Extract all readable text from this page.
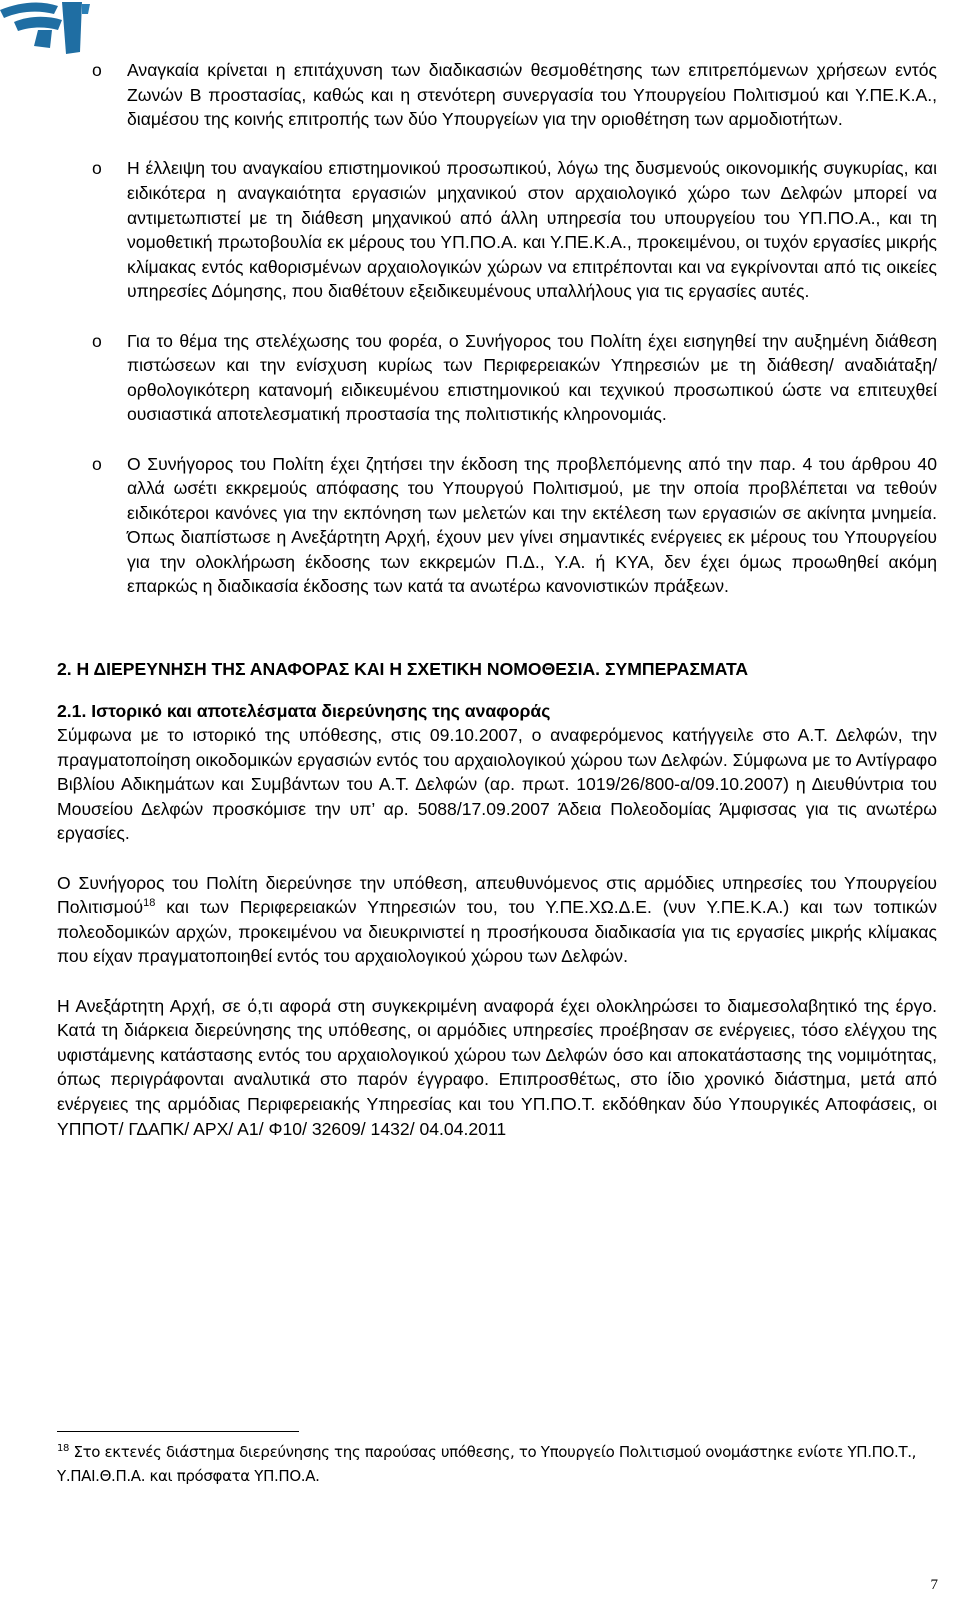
o Αναγκαία κρίνεται η επιτάχυνση των διαδικασιών θεσμοθέτησης των επιτρεπόμενων χρήσεων εντός Ζωνών Β προστασίας, καθώς και η στενότερη συνεργασία του Υπουργείου Πολιτισμού και Υ.ΠΕ.Κ.Α., διαμέσου της κοινής επιτροπής των δύο Υπουργείων για την οριοθέτηση των αρμοδιοτήτων.
o Η έλλειψη του αναγκαίου επιστημονικού προσωπικού, λόγω της δυσμενούς οικονομικής συγκυρίας, και ειδικότερα η αναγκαιότητα εργασιών μηχανικού στον αρχαιολογικό χώρο των Δελφών μπορεί να αντιμετωπιστεί με τη διάθεση μηχανικού από άλλη υπηρεσία του υπουργείου του ΥΠ.ΠΟ.Α., και τη νομοθετική πρωτοβουλία εκ μέρους του ΥΠ.ΠΟ.Α. και Υ.ΠΕ.Κ.Α., προκειμένου, οι τυχόν εργασίες μικρής κλίμακας εντός καθορισμένων αρχαιολογικών χώρων να επιτρέπονται και να εγκρίνονται από τις οικείες υπηρεσίες Δόμησης, που διαθέτουν εξειδικευμένους υπαλλήλους για τις εργασίες αυτές.
o Για το θέμα της στελέχωσης του φορέα, ο Συνήγορος του Πολίτη έχει εισηγηθεί την αυξημένη διάθεση πιστώσεων και την ενίσχυση κυρίως των Περιφερειακών Υπηρεσιών με τη διάθεση/ αναδιάταξη/ ορθολογικότερη κατανομή ειδικευμένου επιστημονικού και τεχνικού προσωπικού ώστε να επιτευχθεί ουσιαστικά αποτελεσματική προστασία της πολιτιστικής κληρονομιάς.
o Ο Συνήγορος του Πολίτη έχει ζητήσει την έκδοση της προβλεπόμενης από την παρ. 4 του άρθρου 40 αλλά ωσέτι εκκρεμούς απόφασης του Υπουργού Πολιτισμού, με την οποία προβλέπεται να τεθούν ειδικότεροι κανόνες για την εκπόνηση των μελετών και την εκτέλεση των εργασιών σε ακίνητα μνημεία. Όπως διαπίστωσε η Ανεξάρτητη Αρχή, έχουν μεν γίνει σημαντικές ενέργειες εκ μέρους του Υπουργείου για την ολοκλήρωση έκδοσης των εκκρεμών Π.Δ., Υ.Α. ή ΚΥΑ, δεν έχει όμως προωθηθεί ακόμη επαρκώς η διαδικασία έκδοσης των κατά τα ανωτέρω κανονιστικών πράξεων.
2. Η ΔΙΕΡΕΥΝΗΣΗ ΤΗΣ ΑΝΑΦΟΡΑΣ ΚΑΙ Η ΣΧΕΤΙΚΗ ΝΟΜΟΘΕΣΙΑ. ΣΥΜΠΕΡΑΣΜΑΤΑ
2.1. Ιστορικό και αποτελέσματα διερεύνησης της αναφοράς

Σύμφωνα με το ιστορικό της υπόθεσης, στις 09.10.2007, ο αναφερόμενος κατήγγειλε στο Α.Τ. Δελφών, την πραγματοποίηση οικοδομικών εργασιών εντός του αρχαιολογικού χώρου των Δελφών. Σύμφωνα με το Αντίγραφο Βιβλίου Αδικημάτων και Συμβάντων του Α.Τ. Δελφών (αρ. πρωτ. 1019/26/800-α/09.10.2007) η Διευθύντρια του Μουσείου Δελφών προσκόμισε την υπ’ αρ. 5088/17.09.2007 Άδεια Πολεοδομίας Άμφισσας για τις ανωτέρω εργασίες.

Ο Συνήγορος του Πολίτη διερεύνησε την υπόθεση, απευθυνόμενος στις αρμόδιες υπηρεσίες του Υπουργείου Πολιτισμού$^{18}$ και των Περιφερειακών Υπηρεσιών του, του Υ.ΠΕ.ΧΩ.Δ.Ε. (νυν Υ.ΠΕ.Κ.Α.) και των τοπικών πολεοδομικών αρχών, προκειμένου να διευκρινιστεί η προσήκουσα διαδικασία για τις εργασίες μικρής κλίμακας που είχαν πραγματοποιηθεί εντός του αρχαιολογικού χώρου των Δελφών.

Η Ανεξάρτητη Αρχή, σε ό,τι αφορά στη συγκεκριμένη αναφορά έχει ολοκληρώσει το διαμεσολαβητικό της έργο. Κατά τη διάρκεια διερεύνησης της υπόθεσης, οι αρμόδιες υπηρεσίες προέβησαν σε ενέργειες, τόσο ελέγχου της υφιστάμενης κατάστασης εντός του αρχαιολογικού χώρου των Δελφών όσο και αποκατάστασης της νομιμότητας, όπως περιγράφονται αναλυτικά στο παρόν έγγραφο. Επιπροσθέτως, στο ίδιο χρονικό διάστημα, μετά από ενέργειες της αρμόδιας Περιφερειακής Υπηρεσίας και του ΥΠ.ΠΟ.Τ. εκδόθηκαν δύο Υπουργικές Αποφάσεις, οι ΥΠΠΟΤ/ ΓΔΑΠΚ/ ΑΡΧ/ Α1/ Φ10/ 32609/ 1432/ 04.04.2011

$^{18}$ Στο εκτενές διάστημα διερεύνησης της παρούσας υπόθεσης, το Υπουργείο Πολιτισμού ονομάστηκε ενίοτε ΥΠ.ΠΟ.Τ., Υ.ΠΑΙ.Θ.Π.Α. και πρόσφατα ΥΠ.ΠΟ.Α.
7
